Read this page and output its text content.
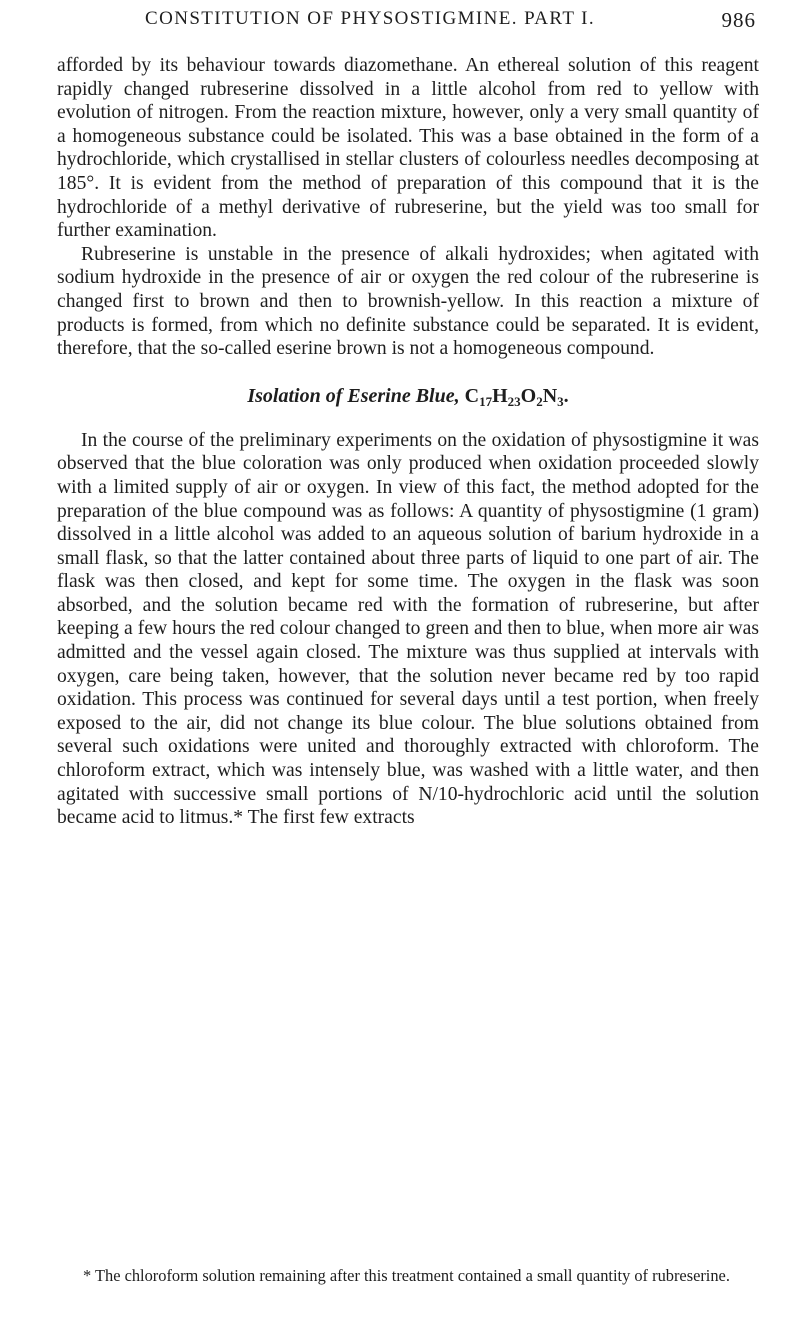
CONSTITUTION OF PHYSOSTIGMINE. PART I.	986

afforded by its behaviour towards diazomethane. An ethereal solution of this reagent rapidly changed rubreserine dissolved in a little alcohol from red to yellow with evolution of nitrogen. From the reaction mixture, however, only a very small quantity of a homogeneous substance could be isolated. This was a base obtained in the form of a hydrochloride, which crystallised in stellar clusters of colourless needles decomposing at 185°. It is evident from the method of preparation of this compound that it is the hydrochloride of a methyl derivative of rubreserine, but the yield was too small for further examination.

Rubreserine is unstable in the presence of alkali hydroxides; when agitated with sodium hydroxide in the presence of air or oxygen the red colour of the rubreserine is changed first to brown and then to brownish-yellow. In this reaction a mixture of products is formed, from which no definite substance could be separated. It is evident, therefore, that the so-called eserine brown is not a homogeneous compound.

Isolation of Eserine Blue, $C_{17}H_{23}O_2N_3$.

In the course of the preliminary experiments on the oxidation of physostigmine it was observed that the blue coloration was only produced when oxidation proceeded slowly with a limited supply of air or oxygen. In view of this fact, the method adopted for the preparation of the blue compound was as follows: A quantity of physostigmine (1 gram) dissolved in a little alcohol was added to an aqueous solution of barium hydroxide in a small flask, so that the latter contained about three parts of liquid to one part of air. The flask was then closed, and kept for some time. The oxygen in the flask was soon absorbed, and the solution became red with the formation of rubreserine, but after keeping a few hours the red colour changed to green and then to blue, when more air was admitted and the vessel again closed. The mixture was thus supplied at intervals with oxygen, care being taken, however, that the solution never became red by too rapid oxidation. This process was continued for several days until a test portion, when freely exposed to the air, did not change its blue colour. The blue solutions obtained from several such oxidations were united and thoroughly extracted with chloroform. The chloroform extract, which was intensely blue, was washed with a little water, and then agitated with successive small portions of N/10-hydrochloric acid until the solution became acid to litmus.* The first few extracts

* The chloroform solution remaining after this treatment contained a small quantity of rubreserine.
